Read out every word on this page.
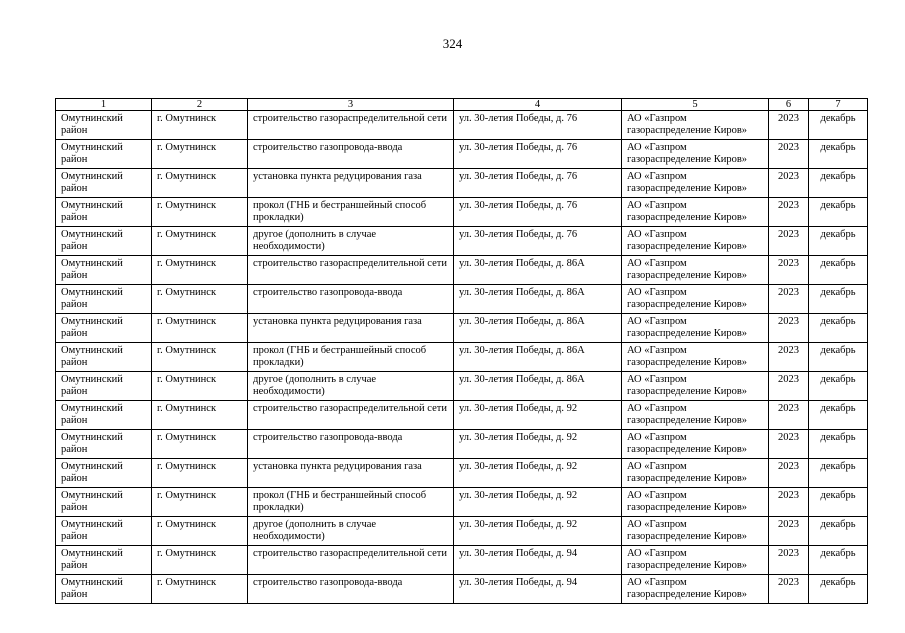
324
1	2	3	4	5	6	7
Омутнинский район	г. Омутнинск	строительство газораспределительной сети	ул. 30-летия Победы, д. 76	АО «Газпром газораспределение Киров»	2023	декабрь
Омутнинский район	г. Омутнинск	строительство газопровода-ввода	ул. 30-летия Победы, д. 76	АО «Газпром газораспределение Киров»	2023	декабрь
Омутнинский район	г. Омутнинск	установка пункта редуцирования газа	ул. 30-летия Победы, д. 76	АО «Газпром газораспределение Киров»	2023	декабрь
Омутнинский район	г. Омутнинск	прокол (ГНБ и бестраншейный способ прокладки)	ул. 30-летия Победы, д. 76	АО «Газпром газораспределение Киров»	2023	декабрь
Омутнинский район	г. Омутнинск	другое (дополнить в случае необходимости)	ул. 30-летия Победы, д. 76	АО «Газпром газораспределение Киров»	2023	декабрь
Омутнинский район	г. Омутнинск	строительство газораспределительной сети	ул. 30-летия Победы, д. 86А	АО «Газпром газораспределение Киров»	2023	декабрь
Омутнинский район	г. Омутнинск	строительство газопровода-ввода	ул. 30-летия Победы, д. 86А	АО «Газпром газораспределение Киров»	2023	декабрь
Омутнинский район	г. Омутнинск	установка пункта редуцирования газа	ул. 30-летия Победы, д. 86А	АО «Газпром газораспределение Киров»	2023	декабрь
Омутнинский район	г. Омутнинск	прокол (ГНБ и бестраншейный способ прокладки)	ул. 30-летия Победы, д. 86А	АО «Газпром газораспределение Киров»	2023	декабрь
Омутнинский район	г. Омутнинск	другое (дополнить в случае необходимости)	ул. 30-летия Победы, д. 86А	АО «Газпром газораспределение Киров»	2023	декабрь
Омутнинский район	г. Омутнинск	строительство газораспределительной сети	ул. 30-летия Победы, д. 92	АО «Газпром газораспределение Киров»	2023	декабрь
Омутнинский район	г. Омутнинск	строительство газопровода-ввода	ул. 30-летия Победы, д. 92	АО «Газпром газораспределение Киров»	2023	декабрь
Омутнинский район	г. Омутнинск	установка пункта редуцирования газа	ул. 30-летия Победы, д. 92	АО «Газпром газораспределение Киров»	2023	декабрь
Омутнинский район	г. Омутнинск	прокол (ГНБ и бестраншейный способ прокладки)	ул. 30-летия Победы, д. 92	АО «Газпром газораспределение Киров»	2023	декабрь
Омутнинский район	г. Омутнинск	другое (дополнить в случае необходимости)	ул. 30-летия Победы, д. 92	АО «Газпром газораспределение Киров»	2023	декабрь
Омутнинский район	г. Омутнинск	строительство газораспределительной сети	ул. 30-летия Победы, д. 94	АО «Газпром газораспределение Киров»	2023	декабрь
Омутнинский район	г. Омутнинск	строительство газопровода-ввода	ул. 30-летия Победы, д. 94	АО «Газпром газораспределение Киров»	2023	декабрь
